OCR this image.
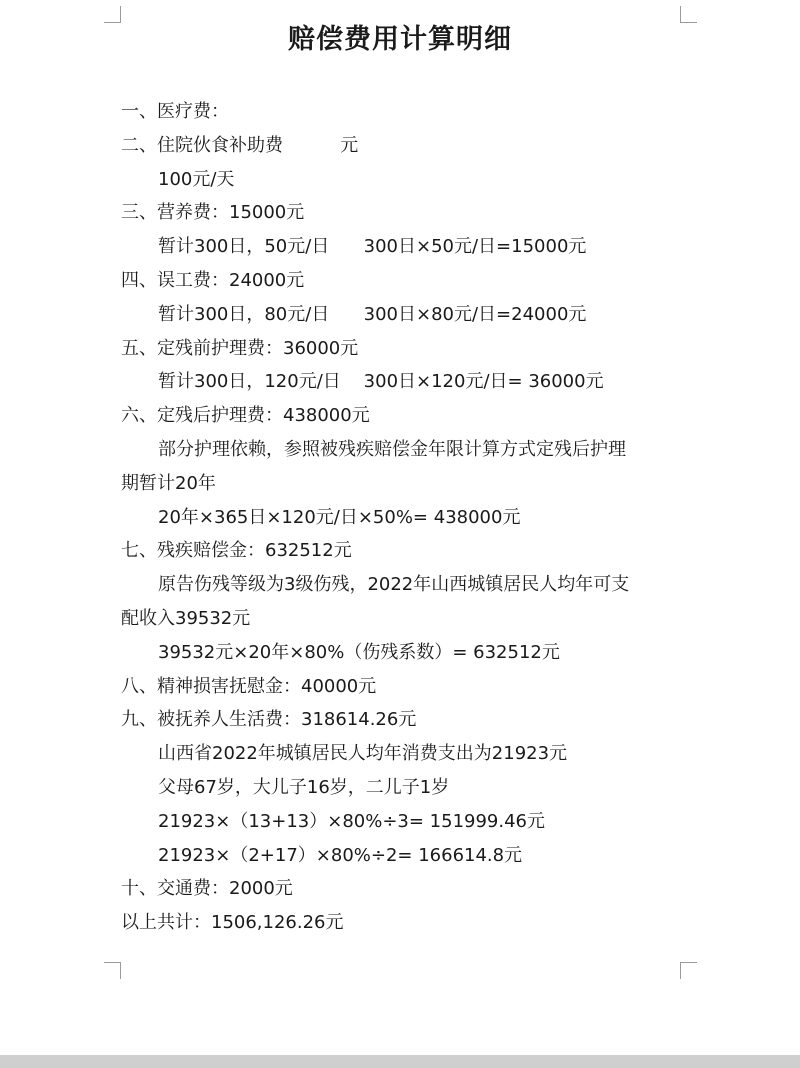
赔偿费用计算明细
一、医疗费：
二、住院伙食补助费          元
100元/天
三、营养费：15000元
暂计300日，50元/日      300日×50元/日=15000元
四、误工费：24000元
暂计300日，80元/日      300日×80元/日=24000元
五、定残前护理费：36000元
暂计300日，120元/日    300日×120元/日= 36000元
六、定残后护理费：438000元
部分护理依赖，参照被残疾赔偿金年限计算方式定残后护理
期暂计20年
20年×365日×120元/日×50%= 438000元
七、残疾赔偿金：632512元
原告伤残等级为3级伤残，2022年山西城镇居民人均年可支
配收入39532元
39532元×20年×80%（伤残系数）= 632512元
八、精神损害抚慰金：40000元
九、被抚养人生活费：318614.26元
山西省2022年城镇居民人均年消费支出为21923元
父母67岁，大儿子16岁，二儿子1岁
21923×（13+13）×80%÷3= 151999.46元
21923×（2+17）×80%÷2= 166614.8元
十、交通费：2000元
以上共计：1506,126.26元
